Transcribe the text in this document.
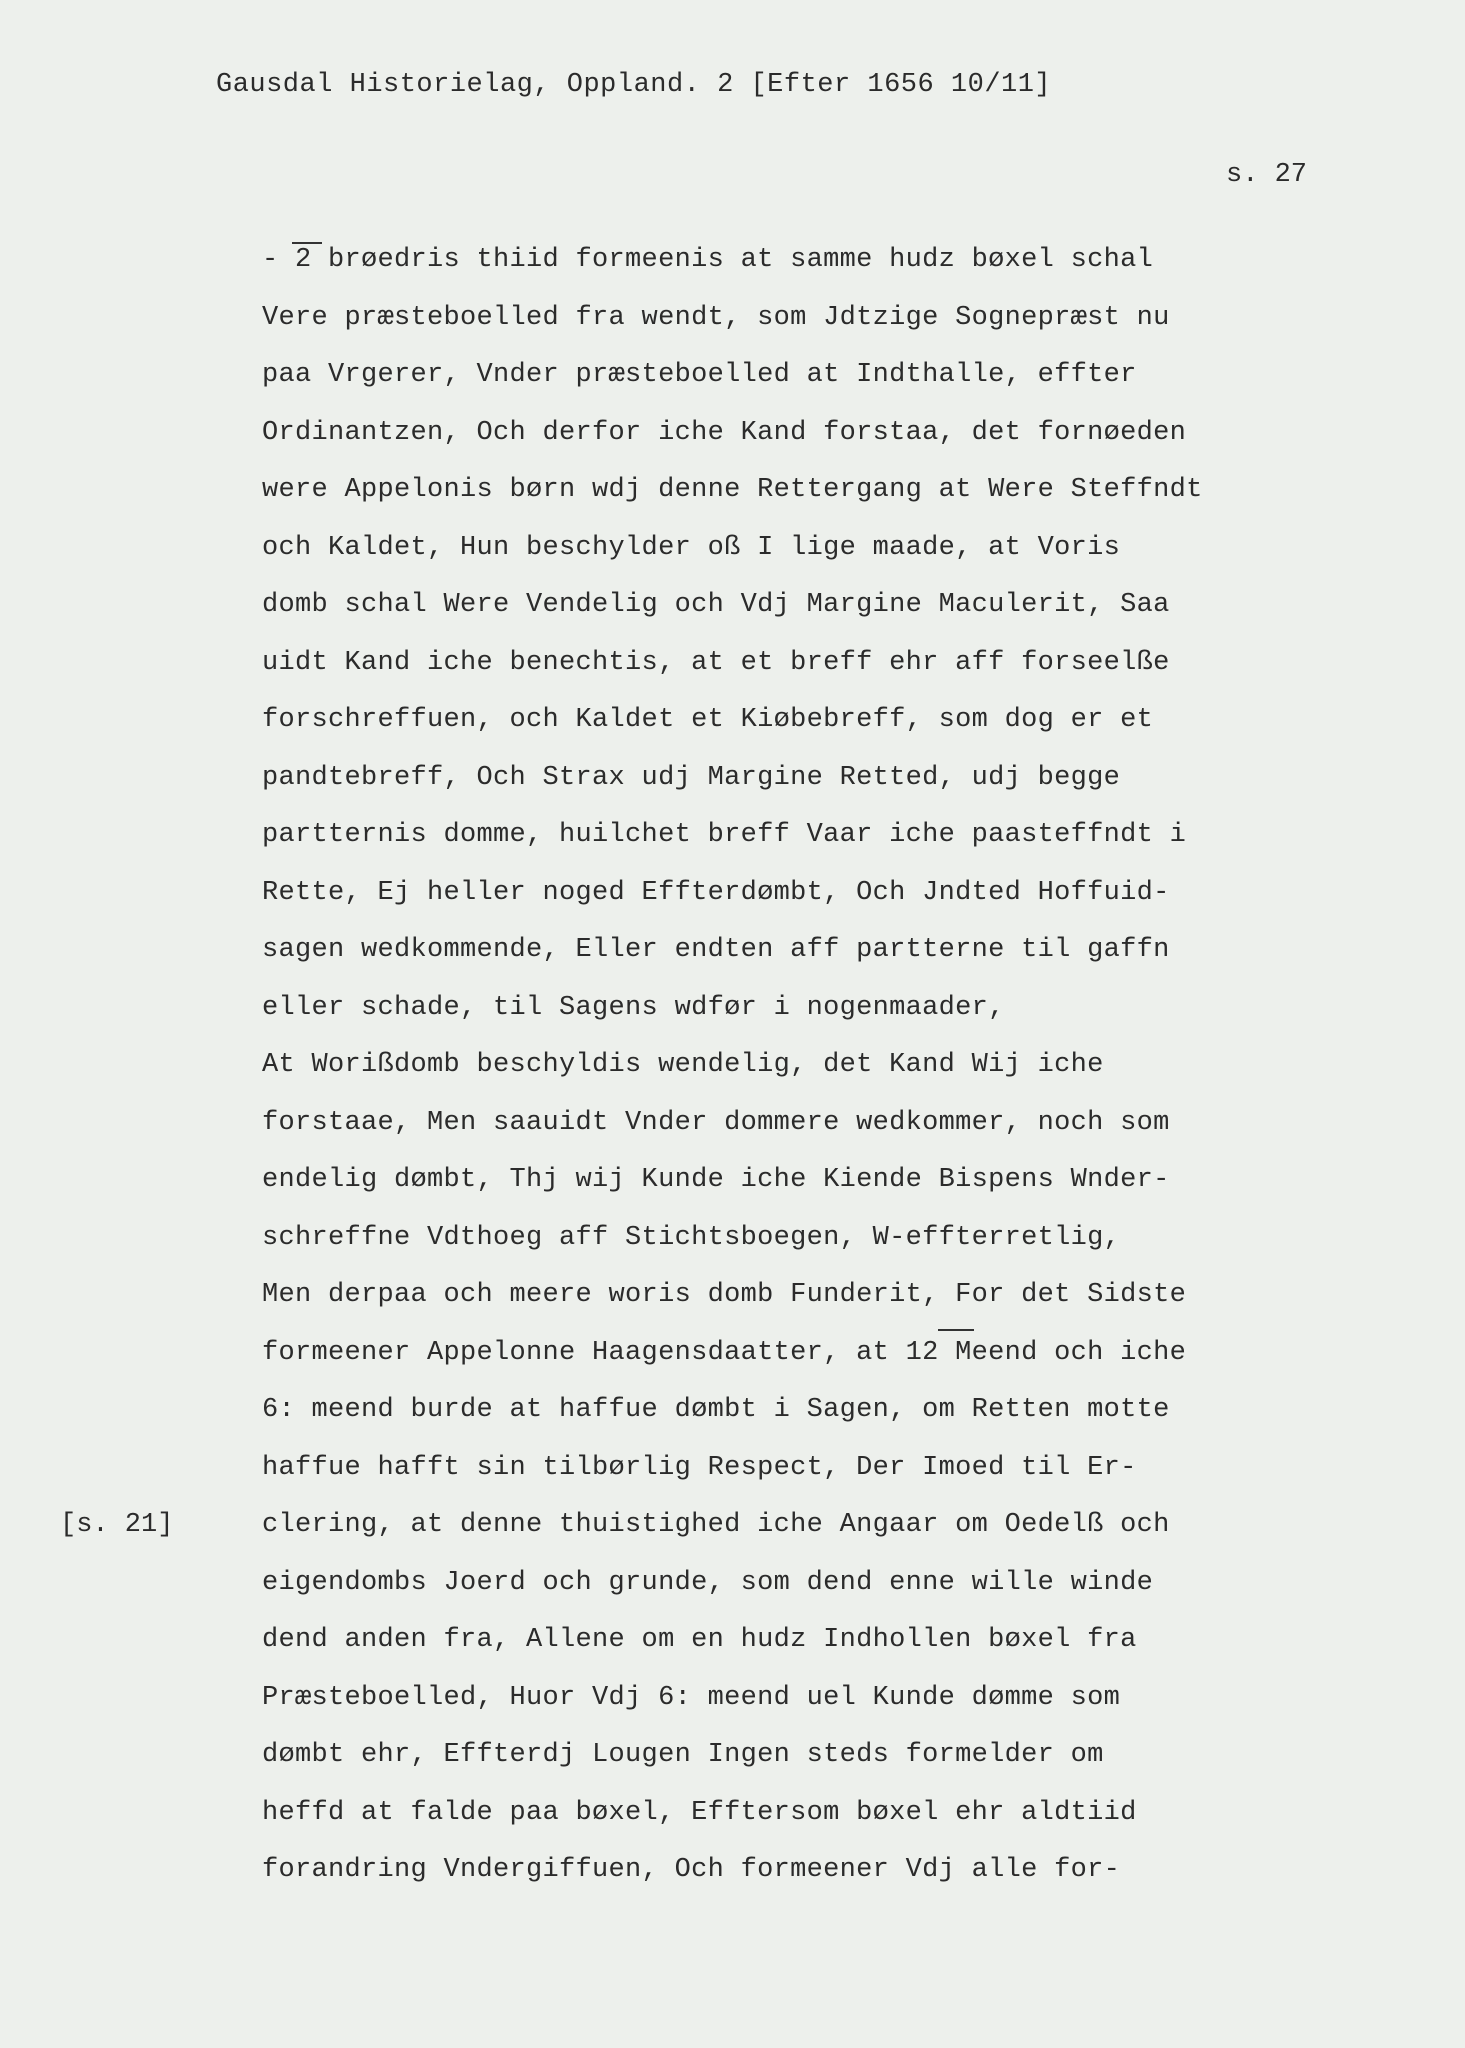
Gausdal Historielag, Oppland. 2 [Efter 1656 10/11]
s. 27
[s. 21]
- 2 brøedris thiid formeenis at samme hudz bøxel schal
Vere præsteboelled fra wendt, som Jdtzige Sognepræst nu
paa Vrgerer, Vnder præsteboelled at Indthalle, effter
Ordinantzen, Och derfor iche Kand forstaa, det fornøeden
were Appelonis børn wdj denne Rettergang at Were Steffndt
och Kaldet, Hun beschylder oß I lige maade, at Voris
domb schal Were Vendelig och Vdj Margine Maculerit, Saa
uidt Kand iche benechtis, at et breff ehr aff forseelße
forschreffuen, och Kaldet et Kiøbebreff, som dog er et
pandtebreff, Och Strax udj Margine Retted, udj begge
partternis domme, huilchet breff Vaar iche paasteffndt i
Rette, Ej heller noged Effterdømbt, Och Jndted Hoffuid-
sagen wedkommende, Eller endten aff partterne til gaffn
eller schade, til Sagens wdfør i nogenmaader,
At Worißdomb beschyldis wendelig, det Kand Wij iche
forstaae, Men saauidt Vnder dommere wedkommer, noch som
endelig dømbt, Thj wij Kunde iche Kiende Bispens Wnder-
schreffne Vdthoeg aff Stichtsboegen, W-effterretlig,
Men derpaa och meere woris domb Funderit, For det Sidste
formeener Appelonne Haagensdaatter, at 12 Meend och iche
6: meend burde at haffue dømbt i Sagen, om Retten motte
haffue hafft sin tilbørlig Respect, Der Imoed til Er-
clering, at denne thuistighed iche Angaar om Oedelß och
eigendombs Joerd och grunde, som dend enne wille winde
dend anden fra, Allene om en hudz Indhollen bøxel fra
Præsteboelled, Huor Vdj 6: meend uel Kunde dømme som
dømbt ehr, Effterdj Lougen Ingen steds formelder om
heffd at falde paa bøxel, Efftersom bøxel ehr aldtiid
forandring Vndergiffuen, Och formeener Vdj alle for-
